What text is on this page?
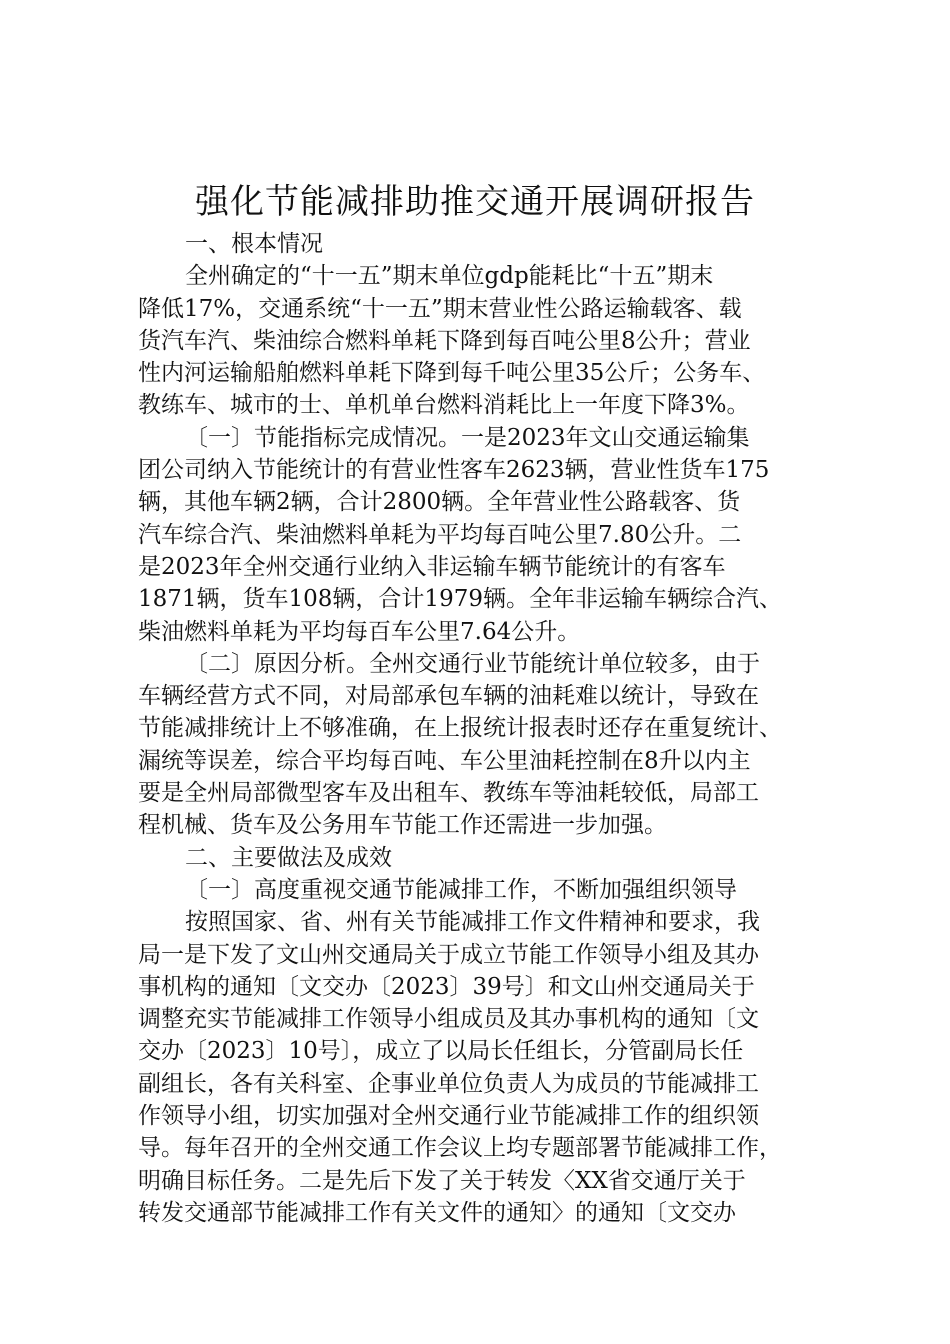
强化节能减排助推交通开展调研报告
一、根本情况
全州确定的“十一五”期末单位gdp能耗比“十五”期末
降低17%，交通系统“十一五”期末营业性公路运输载客、载
货汽车汽、柴油综合燃料单耗下降到每百吨公里8公升；营业
性内河运输船舶燃料单耗下降到每千吨公里35公斤；公务车、
教练车、城市的士、单机单台燃料消耗比上一年度下降3%。
〔一〕节能指标完成情况。一是2023年文山交通运输集
团公司纳入节能统计的有营业性客车2623辆，营业性货车175
辆，其他车辆2辆，合计2800辆。全年营业性公路载客、货
汽车综合汽、柴油燃料单耗为平均每百吨公里7.80公升。二
是2023年全州交通行业纳入非运输车辆节能统计的有客车
1871辆，货车108辆，合计1979辆。全年非运输车辆综合汽、
柴油燃料单耗为平均每百车公里7.64公升。
〔二〕原因分析。全州交通行业节能统计单位较多，由于
车辆经营方式不同，对局部承包车辆的油耗难以统计，导致在
节能减排统计上不够准确，在上报统计报表时还存在重复统计、
漏统等误差，综合平均每百吨、车公里油耗控制在8升以内主
要是全州局部微型客车及出租车、教练车等油耗较低，局部工
程机械、货车及公务用车节能工作还需进一步加强。
二、主要做法及成效
〔一〕高度重视交通节能减排工作，不断加强组织领导
按照国家、省、州有关节能减排工作文件精神和要求，我
局一是下发了文山州交通局关于成立节能工作领导小组及其办
事机构的通知〔文交办〔2023〕39号〕和文山州交通局关于
调整充实节能减排工作领导小组成员及其办事机构的通知〔文
交办〔2023〕10号〕，成立了以局长任组长，分管副局长任
副组长，各有关科室、企事业单位负责人为成员的节能减排工
作领导小组，切实加强对全州交通行业节能减排工作的组织领
导。每年召开的全州交通工作会议上均专题部署节能减排工作，
明确目标任务。二是先后下发了关于转发〈XX省交通厅关于
转发交通部节能减排工作有关文件的通知〉的通知〔文交办
